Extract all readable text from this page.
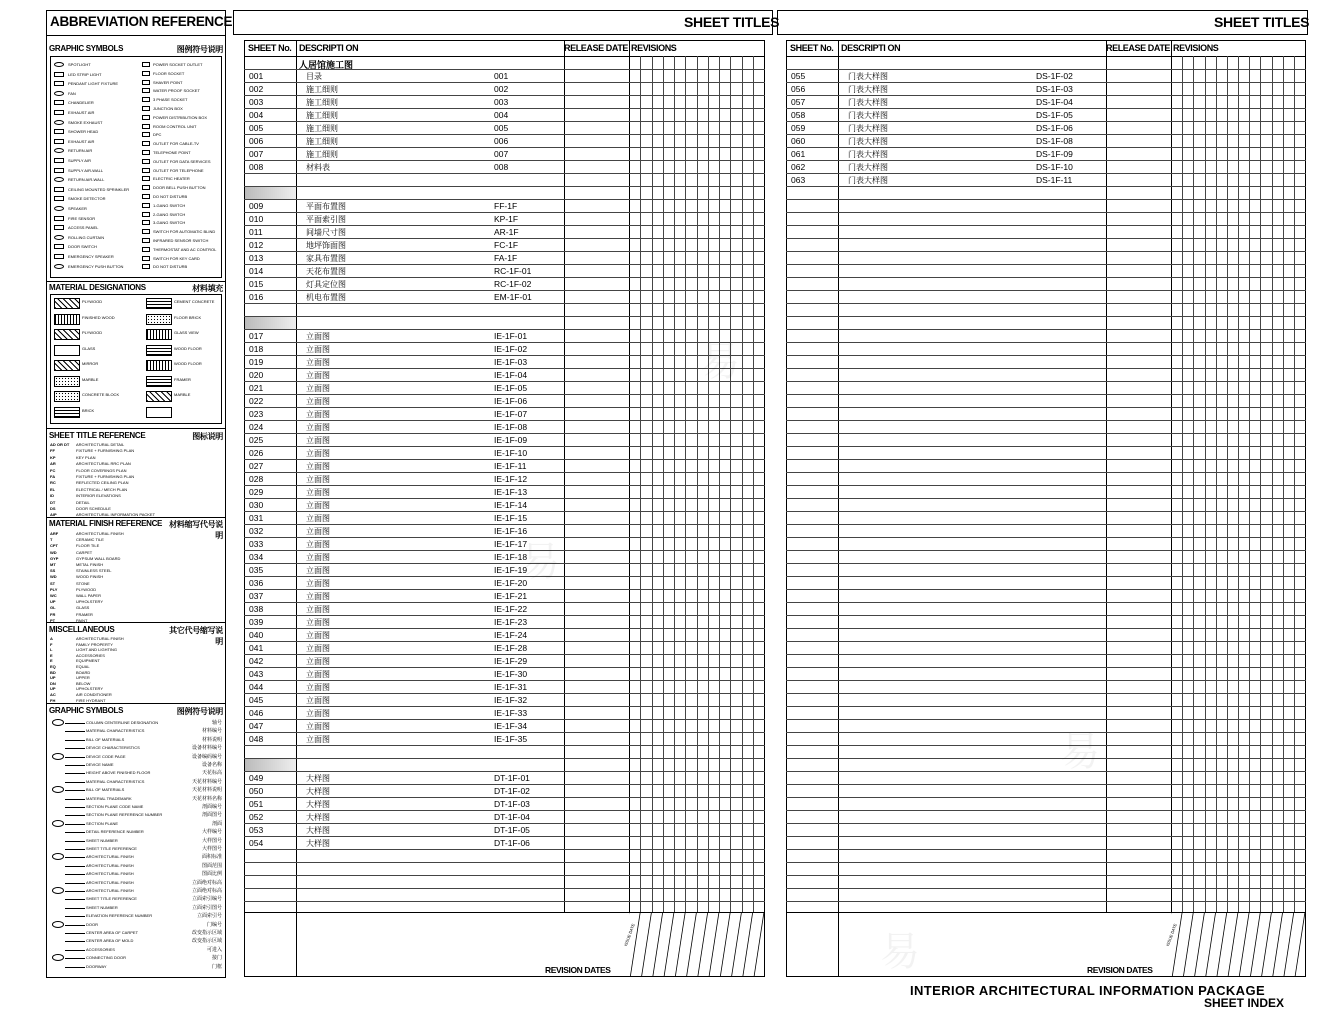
ABBREVIATION REFERENCE
GRAPHIC SYMBOLS	图例符号说明
SPOTLIGHT
LED STRIP LIGHT
PENDANT LIGHT FIXTURE
FAN
CHANDELIER
EXHAUST AIR
SMOKE EXHAUST
SHOWER HEAD
EXHAUST AIR
RETURN AIR
SUPPLY AIR
SUPPLY AIR-WALL
RETURN AIR-WALL
CEILING MOUNTED SPRINKLER
SMOKE DETECTOR
SPEAKER
FIRE SENSOR
ACCESS PANEL
ROLLING CURTAIN
DOOR SWITCH
EMERGENCY SPEAKER
EMERGENCY PUSH BUTTON
POWER SOCKET OUTLET
FLOOR SOCKET
SHAVER POINT
WATER PROOF SOCKET
3 PHASE SOCKET
JUNCTION BOX
POWER DISTRIBUTION BOX
ROOM CONTROL UNIT
DPC
OUTLET FOR CABLE-TV
TELEPHONE POINT
OUTLET FOR DATA SERVICES
OUTLET FOR TELEPHONE
ELECTRIC HEATER
DOOR BELL PUSH BUTTON
DO NOT DISTURB
1-GANG SWITCH
2-GANG SWITCH
3-GANG SWITCH
SWITCH FOR AUTOMATIC BLIND
INFRARED SENSOR SWITCH
THERMOSTAT AND AC CONTROL
SWITCH FOR KEY CARD
DO NOT DISTURB
MATERIAL DESIGNATIONS	材料填充
PLYWOOD	CEMENT CONCRETE
FINISHED WOOD	FLOOR BRICK
PLYWOOD	GLASS VIEW
GLASS	WOOD FLOOR
MIRROR	WOOD FLOOR
MARBLE	FRAMER
CONCRETE BLOCK	MARBLE
BRICK
SHEET TITLE REFERENCE	图标说明
AD OR DT	ARCHITECTURAL DETAIL
FF	FIXTURE + FURNISHING PLAN
KP	KEY PLAN
AR	ARCHITECTURAL RRC PLAN
FC	FLOOR COVERINGS PLAN
FA	FIXTURE + FURNISHING PLAN
RC	REFLECTED CEILING PLAN
EL	ELECTRICAL / MECH PLAN
ID	INTERIOR ELEVATIONS
DT	DETAIL
DS	DOOR SCHEDULE
AIP	ARCHITECTURAL INFORMATION PACKET
MATERIAL FINISH REFERENCE 材料缩写代号说明
ARF	ARCHITECTURAL FINISH
T	CERAMIC TILE
CPT	FLOOR TILE
WD	CARPET
GYP	GYPSUM WALL BOARD
MT	METAL FINISH
SS	STAINLESS STEEL
WD	WOOD FINISH
ST	STONE
PLY	PLYWOOD
WC	WALL PAPER
UP	UPHOLSTERY
GL	GLASS
FR	FRAMER
PT	PAINT
MISCELLANEOUS	其它代号缩写说明
A	ARCHITECTURAL FINISH
F	FAMILY PROPERTY
L	LIGHT AND LIGHTING
E	ACCESSORIES
E	EQUIPMENT
EQ	EQUAL
BD	BOARD
UP	UPPER
DN	BELOW
UP	UPHOLSTERY
AC	AIR CONDITIONER
FH	FIRE HYDRANT
GRAPHIC SYMBOLS	图例符号说明
COLUMN CENTERLINE DESIGNATION	轴号
MATERIAL CHARACTERISTICS	材料编号
BILL OF MATERIALS	材料说明
DEVICE CHARACTERISTICS	设备材料编号
DEVICE CODE PAGE	设备编码编号
DEVICE NAME	设备名称
HEIGHT ABOVE FINISHED FLOOR	天花标高
MATERIAL CHARACTERISTICS	天花材料编号
BILL OF MATERIALS	天花材料说明
MATERIAL TRADEMARK	天花材料名称
SECTION PLANE CODE NAME	剖面编号
SECTION PLANE REFERENCE NUMBER	剖面图号
SECTION PLANE	剖面
DETAIL REFERENCE NUMBER	大样编号
SHEET NUMBER	大样图号
SHEET TITLE REFERENCE	大样图号
ARCHITECTURAL FINISH	面积标准
ARCHITECTURAL FINISH	图面范围
ARCHITECTURAL FINISH	图面比例
ARCHITECTURAL FINISH	立面绝对标高
ARCHITECTURAL FINISH	立面绝对标高
SHEET TITLE REFERENCE	立面索引编号
SHEET NUMBER	立面索引图号
ELEVATION REFERENCE NUMBER	立面索引号
DOOR	门编号
CENTER AREA OF CARPET	改变指示区域
CENTER AREA OF MOLD	改变指示区域
ACCESSORIES	可进入
CONNECTING DOOR	接门
DOORWAY	门框
SHEET TITLES
SHEET No. DESCRIPTI ON	RELEASE DATE REVISIONS
REVISION DATES
ISSUE DATE
001	目录	001
002	施工细则	002
003	施工细则	003
004	施工细则	004
005	施工细则	005
006	施工细则	006
007	施工细则	007
008	材料表	008
009	平面布置图	FF-1F
010	平面索引图	KP-1F
011	间墙尺寸图	AR-1F
012	地坪饰面图	FC-1F
013	家具布置图	FA-1F
014	天花布置图	RC-1F-01
015	灯具定位图	RC-1F-02
016	机电布置图	EM-1F-01
017	立面图	IE-1F-01
018	立面图	IE-1F-02
019	立面图	IE-1F-03
020	立面图	IE-1F-04
021	立面图	IE-1F-05
022	立面图	IE-1F-06
023	立面图	IE-1F-07
024	立面图	IE-1F-08
025	立面图	IE-1F-09
026	立面图	IE-1F-10
027	立面图	IE-1F-11
028	立面图	IE-1F-12
029	立面图	IE-1F-13
030	立面图	IE-1F-14
031	立面图	IE-1F-15
032	立面图	IE-1F-16
033	立面图	IE-1F-17
034	立面图	IE-1F-18
035	立面图	IE-1F-19
036	立面图	IE-1F-20
037	立面图	IE-1F-21
038	立面图	IE-1F-22
039	立面图	IE-1F-23
040	立面图	IE-1F-24
041	立面图	IE-1F-28
042	立面图	IE-1F-29
043	立面图	IE-1F-30
044	立面图	IE-1F-31
045	立面图	IE-1F-32
046	立面图	IE-1F-33
047	立面图	IE-1F-34
048	立面图	IE-1F-35
049	大样图	DT-1F-01
050	大样图	DT-1F-02
051	大样图	DT-1F-03
052	大样图	DT-1F-04
053	大样图	DT-1F-05
054	大样图	DT-1F-06
人居馆施工图
SHEET TITLES
SHEET No. DESCRIPTI ON	RELEASE DATE REVISIONS
REVISION DATES
ISSUE DATE
055	门表大样图	DS-1F-02
056	门表大样图	DS-1F-03
057	门表大样图	DS-1F-04
058	门表大样图	DS-1F-05
059	门表大样图	DS-1F-06
060	门表大样图	DS-1F-08
061	门表大样图	DS-1F-09
062	门表大样图	DS-1F-10
063	门表大样图	DS-1F-11
INTERIOR ARCHITECTURAL INFORMATION PACKAGE
SHEET INDEX
易
易
易
易
